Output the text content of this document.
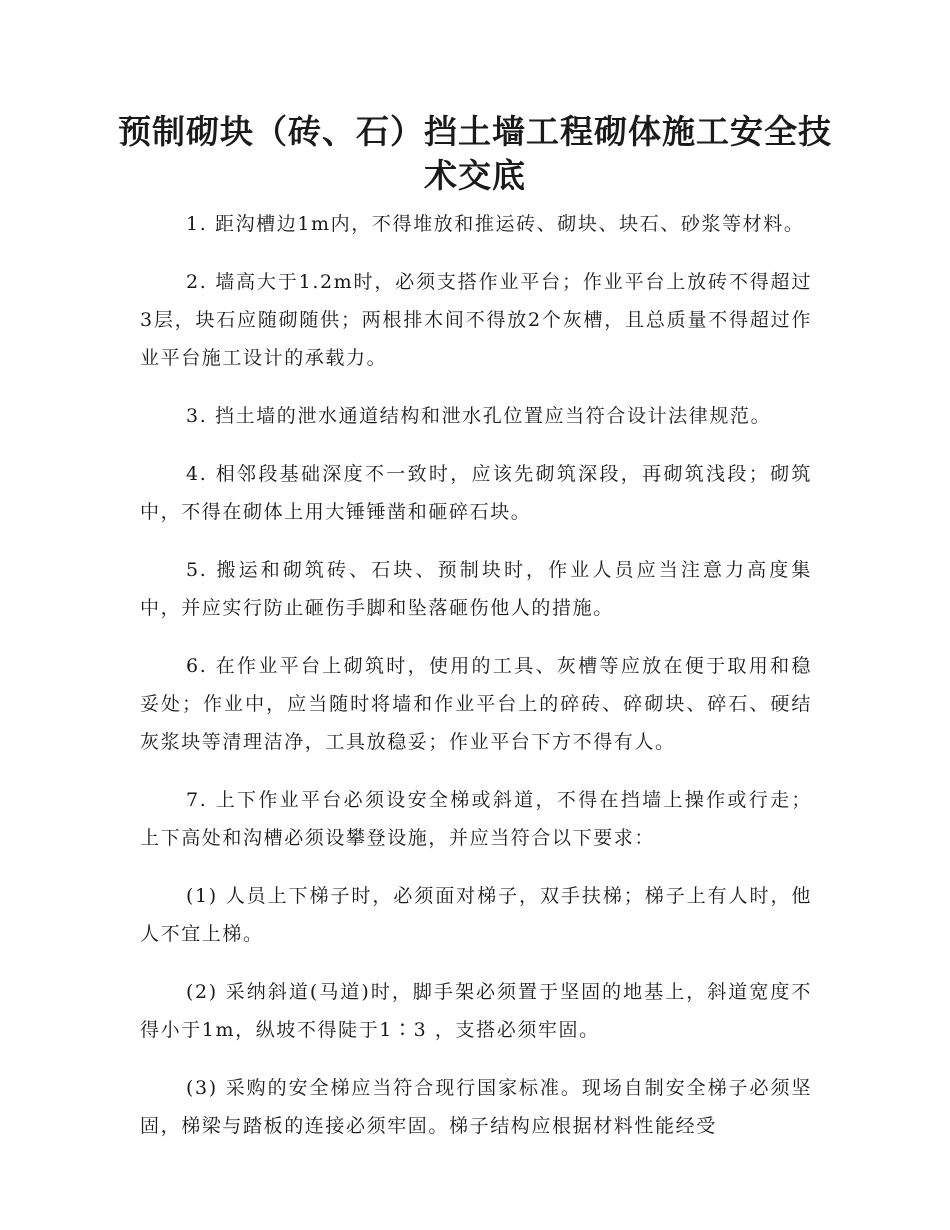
预制砌块（砖、石）挡土墙工程砌体施工安全技术交底

1. 距沟槽边1m内，不得堆放和推运砖、砌块、块石、砂浆等材料。

2. 墙高大于1.2m时，必须支搭作业平台；作业平台上放砖不得超过3层，块石应随砌随供；两根排木间不得放2个灰槽，且总质量不得超过作业平台施工设计的承载力。

3. 挡土墙的泄水通道结构和泄水孔位置应当符合设计法律规范。

4. 相邻段基础深度不一致时，应该先砌筑深段，再砌筑浅段；砌筑中，不得在砌体上用大锤锤凿和砸碎石块。

5. 搬运和砌筑砖、石块、预制块时，作业人员应当注意力高度集中，并应实行防止砸伤手脚和坠落砸伤他人的措施。

6. 在作业平台上砌筑时，使用的工具、灰槽等应放在便于取用和稳妥处；作业中，应当随时将墙和作业平台上的碎砖、碎砌块、碎石、硬结灰浆块等清理洁净，工具放稳妥；作业平台下方不得有人。

7. 上下作业平台必须设安全梯或斜道，不得在挡墙上操作或行走；上下高处和沟槽必须设攀登设施，并应当符合以下要求：

(1) 人员上下梯子时，必须面对梯子，双手扶梯；梯子上有人时，他人不宜上梯。

(2) 采纳斜道(马道)时，脚手架必须置于坚固的地基上，斜道宽度不得小于1m，纵坡不得陡于1∶3 ，支搭必须牢固。

(3) 采购的安全梯应当符合现行国家标准。现场自制安全梯子必须坚固，梯梁与踏板的连接必须牢固。梯子结构应根据材料性能经受
